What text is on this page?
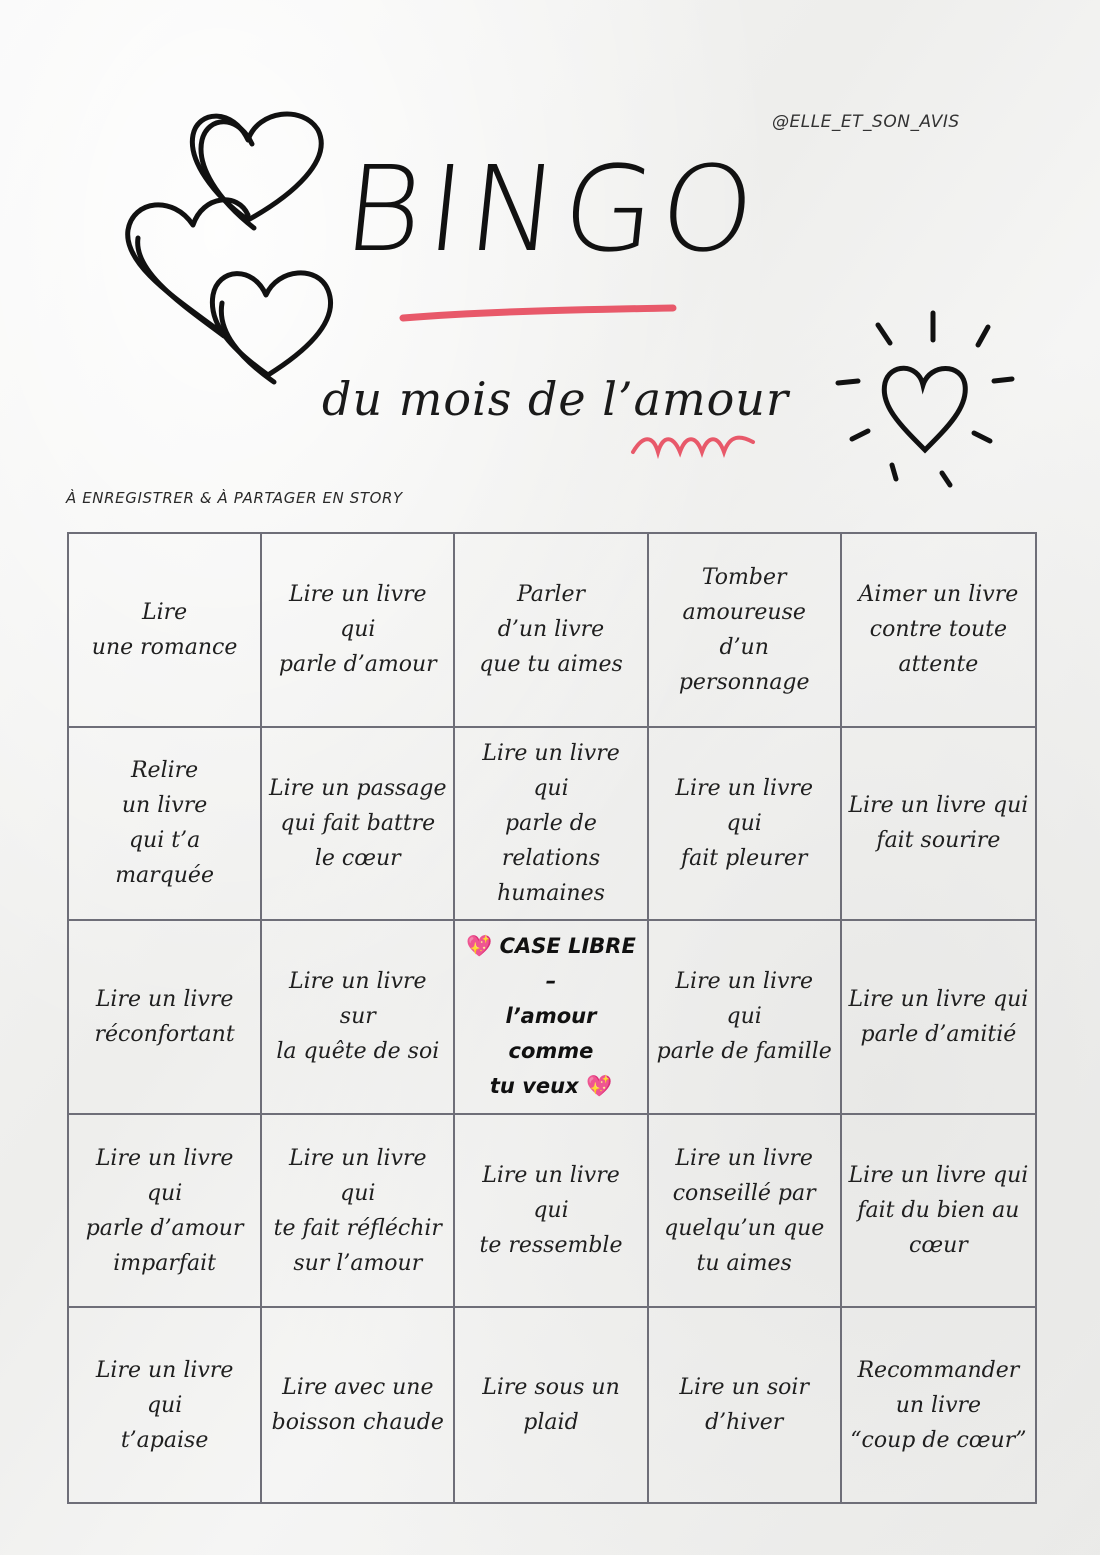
@ELLE_ET_SON_AVIS
BINGO
du mois de l’amour
À ENREGISTRER & À PARTAGER EN STORY
Lire
une romance
Lire un livre qui
parle d’amour
Parler
d’un livre
que tu aimes
Tomber
amoureuse d’un
personnage
Aimer un livre
contre toute
attente
Relire
un livre
qui t’a
marquée
Lire un passage
qui fait battre
le cœur
Lire un livre qui
parle de
relations
humaines
Lire un livre qui
fait pleurer
Lire un livre qui
fait sourire
Lire un livre
réconfortant
Lire un livre sur
la quête de soi
💖 CASE LIBRE
–
l’amour comme
tu veux 💖
Lire un livre qui
parle de famille
Lire un livre qui
parle d’amitié
Lire un livre qui
parle d’amour
imparfait
Lire un livre qui
te fait réfléchir
sur l’amour
Lire un livre qui
te ressemble
Lire un livre
conseillé par
quelqu’un que
tu aimes
Lire un livre qui
fait du bien au
cœur
Lire un livre qui
t’apaise
Lire avec une
boisson chaude
Lire sous un
plaid
Lire un soir
d’hiver
Recommander
un livre
“coup de cœur”
